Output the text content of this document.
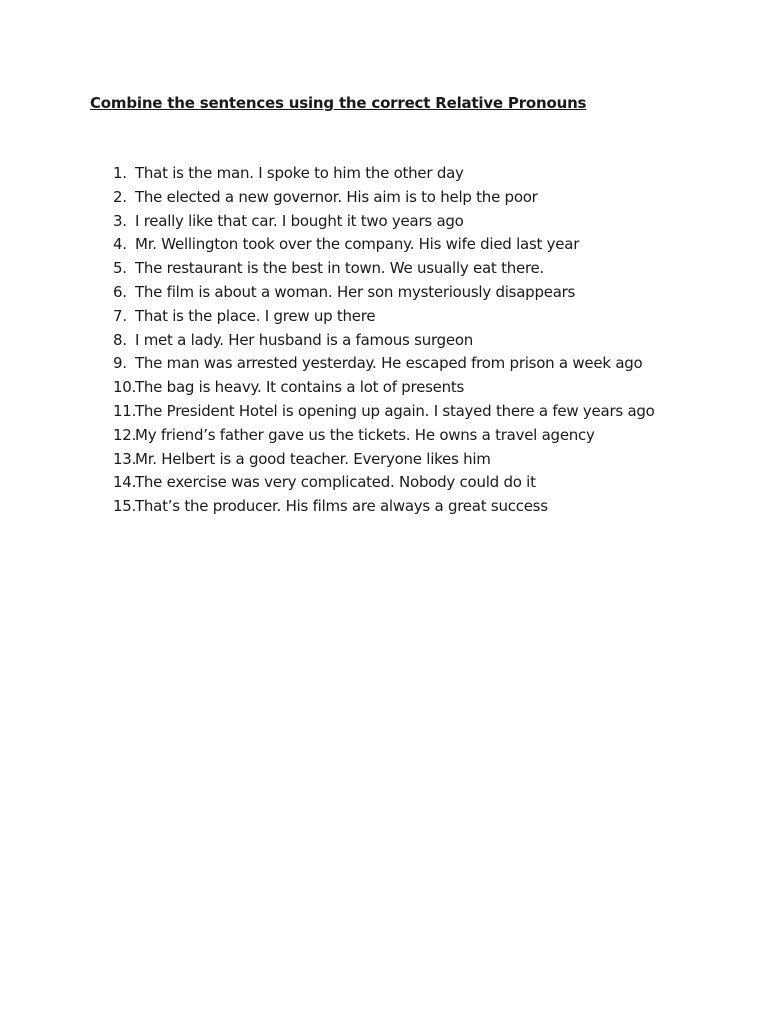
Combine the sentences using the correct Relative Pronouns
1. That is the man. I spoke to him the other day
2. The elected a new governor. His aim is to help the poor
3. I really like that car. I bought it two years ago
4. Mr. Wellington took over the company. His wife died last year
5. The restaurant is the best in town. We usually eat there.
6. The film is about a woman. Her son mysteriously disappears
7. That is the place. I grew up there
8. I met a lady. Her husband is a famous surgeon
9. The man was arrested yesterday. He escaped from prison a week ago
10.
The bag is heavy. It contains a lot of presents
11.
The President Hotel is opening up again. I stayed there a few years ago
12.
My friend’s father gave us the tickets. He owns a travel agency
13.
Mr. Helbert is a good teacher. Everyone likes him
14.
The exercise was very complicated. Nobody could do it
15.
That’s the producer. His films are always a great success
